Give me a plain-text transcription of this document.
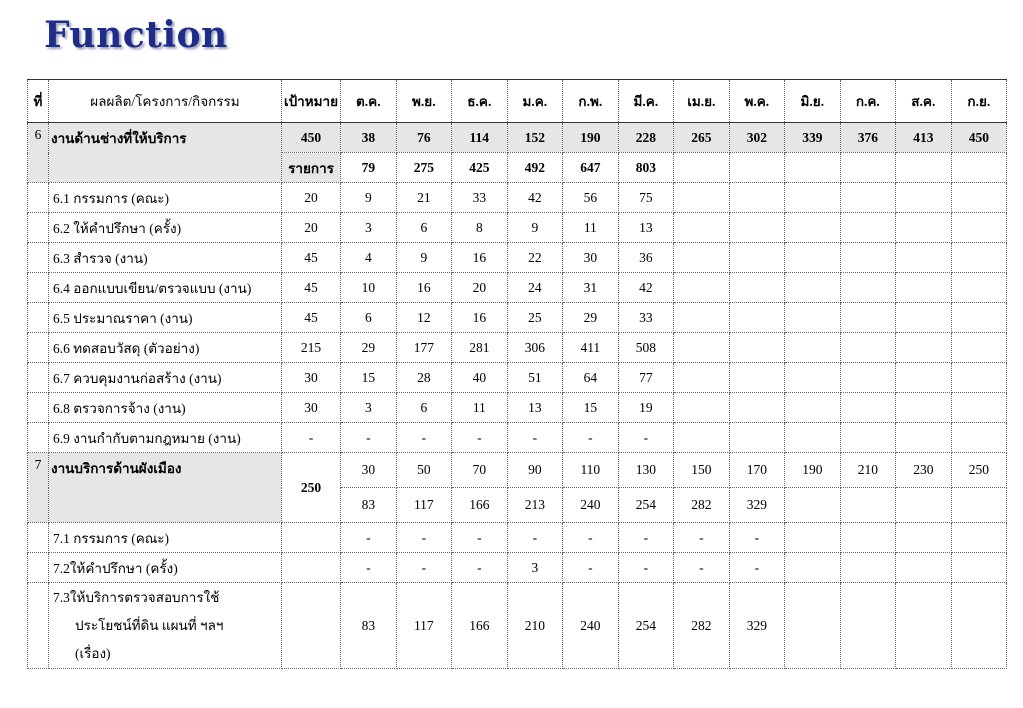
Function
ที่	ผลผลิต/โครงการ/กิจกรรม	เป้าหมาย	ต.ค.	พ.ย.	ธ.ค.	ม.ค.	ก.พ.	มี.ค.	เม.ย.	พ.ค.	มิ.ย.	ก.ค.	ส.ค.	ก.ย.
6	งานด้านช่างที่ให้บริการ	450	38	76	114	152	190	228	265	302	339	376	413	450
		รายการ	79	275	425	492	647	803						
	6.1 กรรมการ (คณะ)	20	9	21	33	42	56	75						
	6.2 ให้คำปรึกษา (ครั้ง)	20	3	6	8	9	11	13						
	6.3 สำรวจ (งาน)	45	4	9	16	22	30	36						
	6.4 ออกแบบเขียน/ตรวจแบบ (งาน)	45	10	16	20	24	31	42						
	6.5 ประมาณราคา (งาน)	45	6	12	16	25	29	33						
	6.6 ทดสอบวัสดุ (ตัวอย่าง)	215	29	177	281	306	411	508						
	6.7 ควบคุมงานก่อสร้าง (งาน)	30	15	28	40	51	64	77						
	6.8 ตรวจการจ้าง (งาน)	30	3	6	11	13	15	19						
	6.9 งานกำกับตามกฎหมาย (งาน)	-	-	-	-	-	-	-						
7	งานบริการด้านผังเมือง	250	30	50	70	90	110	130	150	170	190	210	230	250
			83	117	166	213	240	254	282	329				
	7.1 กรรมการ (คณะ)		-	-	-	-	-	-	-	-				
	7.2ให้คำปรึกษา (ครั้ง)		-	-	-	3	-	-	-	-				

	7.3ให้บริการตรวจสอบการใช้
ประโยชน์ที่ดิน แผนที่ ฯลฯ
(เรื่อง)		83	117	166	210	240	254	282	329				
